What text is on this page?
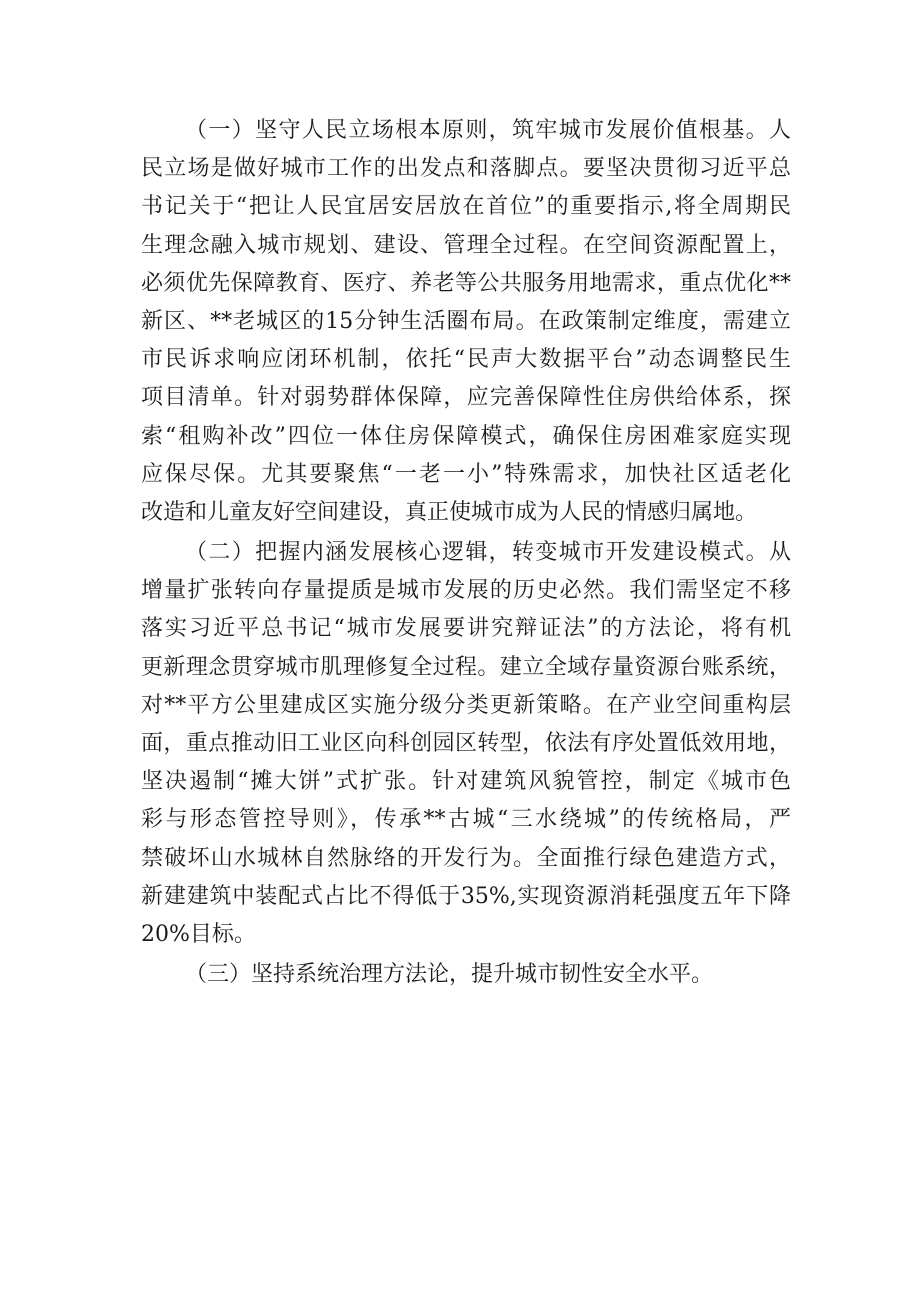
（一）坚守人民立场根本原则，筑牢城市发展价值根基。人
民立场是做好城市工作的出发点和落脚点。要坚决贯彻习近平总
书记关于“把让人民宜居安居放在首位”的重要指示,将全周期民
生理念融入城市规划、建设、管理全过程。在空间资源配置上，
必须优先保障教育、医疗、养老等公共服务用地需求，重点优化**
新区、**老城区的15分钟生活圈布局。在政策制定维度，需建立
市民诉求响应闭环机制，依托“民声大数据平台”动态调整民生
项目清单。针对弱势群体保障，应完善保障性住房供给体系，探
索“租购补改”四位一体住房保障模式，确保住房困难家庭实现
应保尽保。尤其要聚焦“一老一小”特殊需求，加快社区适老化
改造和儿童友好空间建设，真正使城市成为人民的情感归属地。
（二）把握内涵发展核心逻辑，转变城市开发建设模式。从
增量扩张转向存量提质是城市发展的历史必然。我们需坚定不移
落实习近平总书记“城市发展要讲究辩证法”的方法论，将有机
更新理念贯穿城市肌理修复全过程。建立全域存量资源台账系统，
对**平方公里建成区实施分级分类更新策略。在产业空间重构层
面，重点推动旧工业区向科创园区转型，依法有序处置低效用地，
坚决遏制“摊大饼”式扩张。针对建筑风貌管控，制定《城市色
彩与形态管控导则》，传承**古城“三水绕城”的传统格局，严
禁破坏山水城林自然脉络的开发行为。全面推行绿色建造方式，
新建建筑中装配式占比不得低于35%,实现资源消耗强度五年下降
20%目标。
（三）坚持系统治理方法论，提升城市韧性安全水平。
